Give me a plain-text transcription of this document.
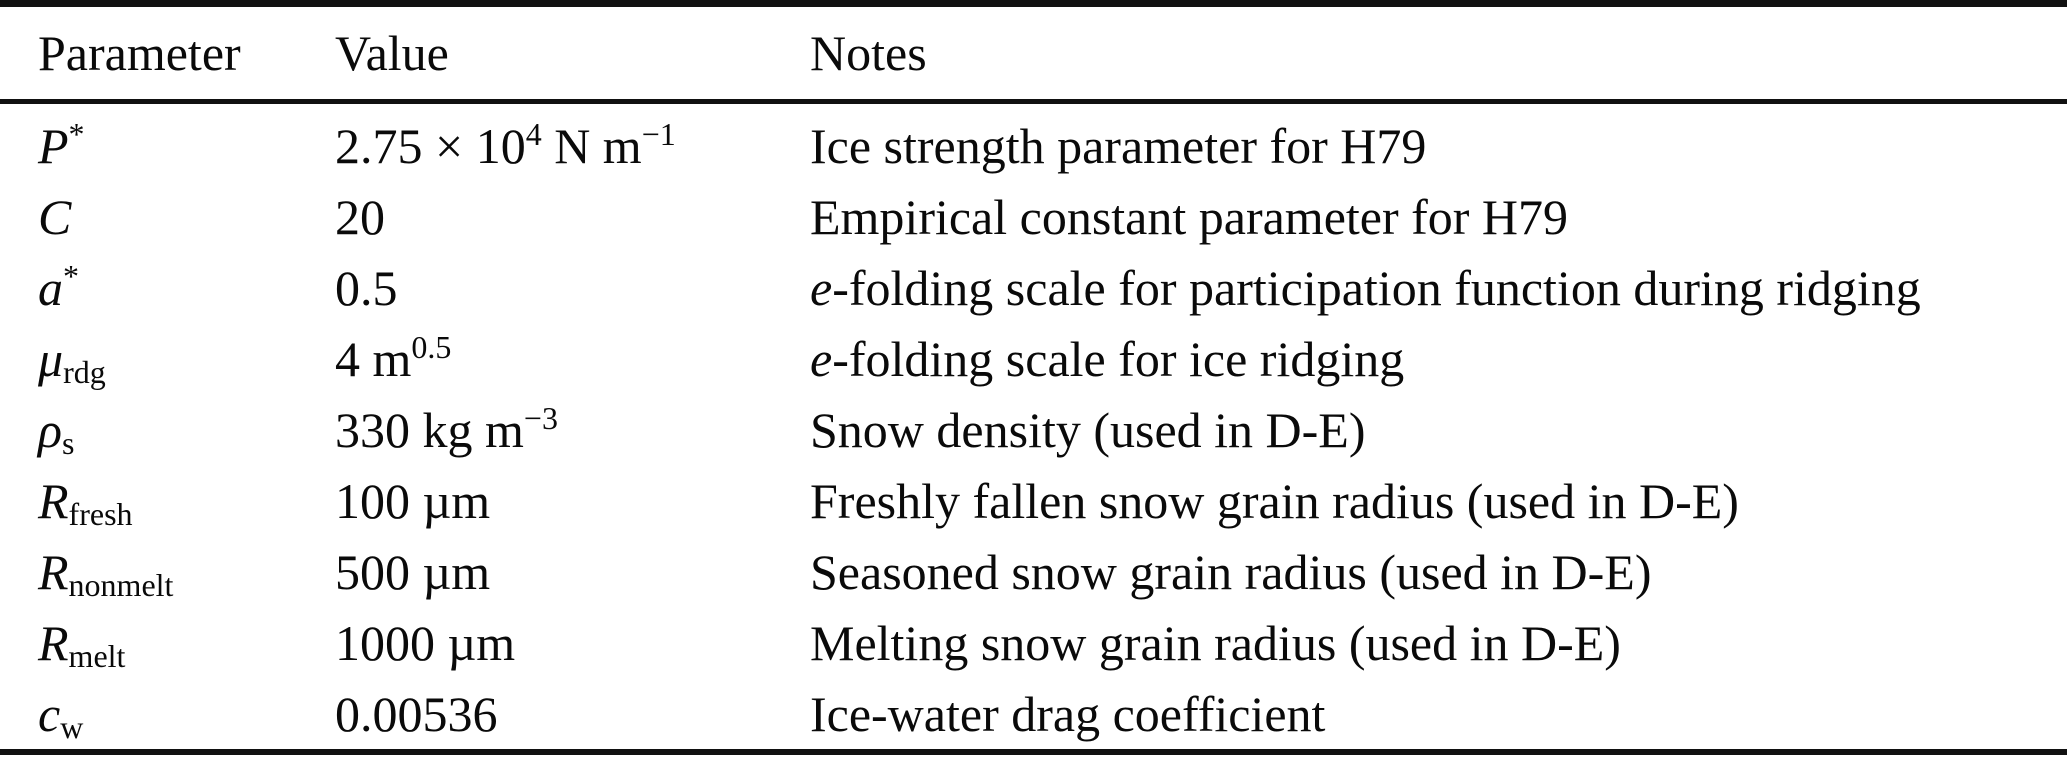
Parameter	Value	Notes
P*	$2.75 \times 10^4$ N $m^{-1}$	Ice strength parameter for H79
C	20	Empirical constant parameter for H79
a*	0.5	e-folding scale for participation function during ridging
μrdg	4 $m^{0.5}$	e-folding scale for ice ridging
ρs	330 kg $m^{-3}$	Snow density (used in D-E)
Rfresh	100 µm	Freshly fallen snow grain radius (used in D-E)
Rnonmelt	500 µm	Seasoned snow grain radius (used in D-E)
Rmelt	1000 µm	Melting snow grain radius (used in D-E)
cw	0.00536	Ice-water drag coefficient
